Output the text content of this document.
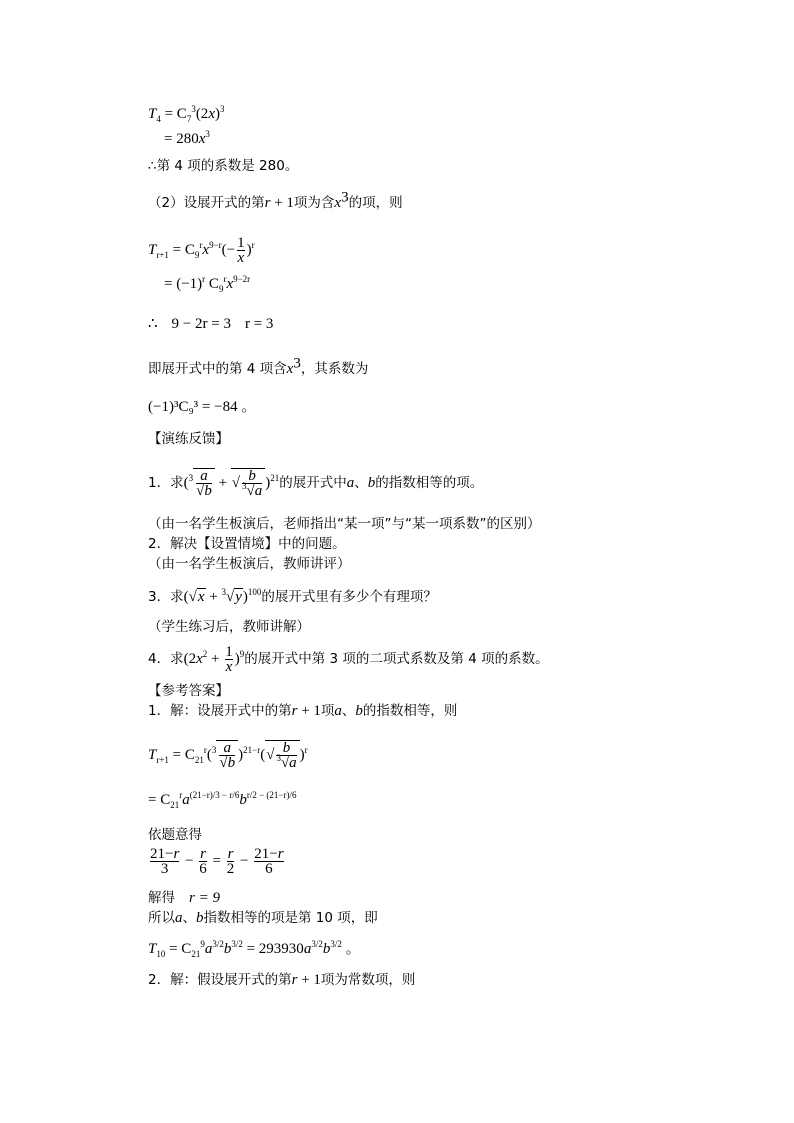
$T_4 = C_7^3(2x)^3$
= $280x^3$
∴第 4 项的系数是 280。
（2）设展开式的第r + 1项为含$x^3$的项，则
$T_{r+1} = C_9^rx^{9-r}(- \frac{1}{x} )^r$
= $(-1)^r$ $C_9^rx^{9-2r}$
∴ 9 − 2r = 3 r = 3
即展开式中的第 4 项含$x^3$，其系数为
(−1)³C₉³ = −84 。
【演练反馈】
1．求($^3 \frac{a}{√b}$ + √ $\frac{b}{^3√a} )^{21}$的展开式中a、b的指数相等的项。
（由一名学生板演后，老师指出“某一项”与“某一项系数”的区别）
2．解决【设置情境】中的问题。
（由一名学生板演后，教师讲评）
3．求$(√x + ^3√y)^{100}$的展开式里有多少个有理项？
（学生练习后，教师讲解）
4．求$(2x^2 + \frac{1}{x} )^9$的展开式中第 3 项的二项式系数及第 4 项的系数。
【参考答案】
1．解：设展开式中的第r + 1项a、b的指数相等，则
$T_{r+1} = C_{21}^r(^3 \frac{a}{√b} )^{21-r}(√ \frac{b}{^3√a} )^r$
= $C_{21}^ra^{(21-r)/3 - r/6}b^{r/2 - (21-r)/6}$
依题意得
$\frac{21-r}{3} - \frac{r}{6} = \frac{r}{2} - \frac{21-r}{6}$
解得 r = 9
所以a、b指数相等的项是第 10 项，即
$T_{10} = C_{21}^9a^{3/2}b^{3/2} = 293930a^{3/2}b^{3/2}$ 。
2．解：假设展开式的第r + 1项为常数项，则
